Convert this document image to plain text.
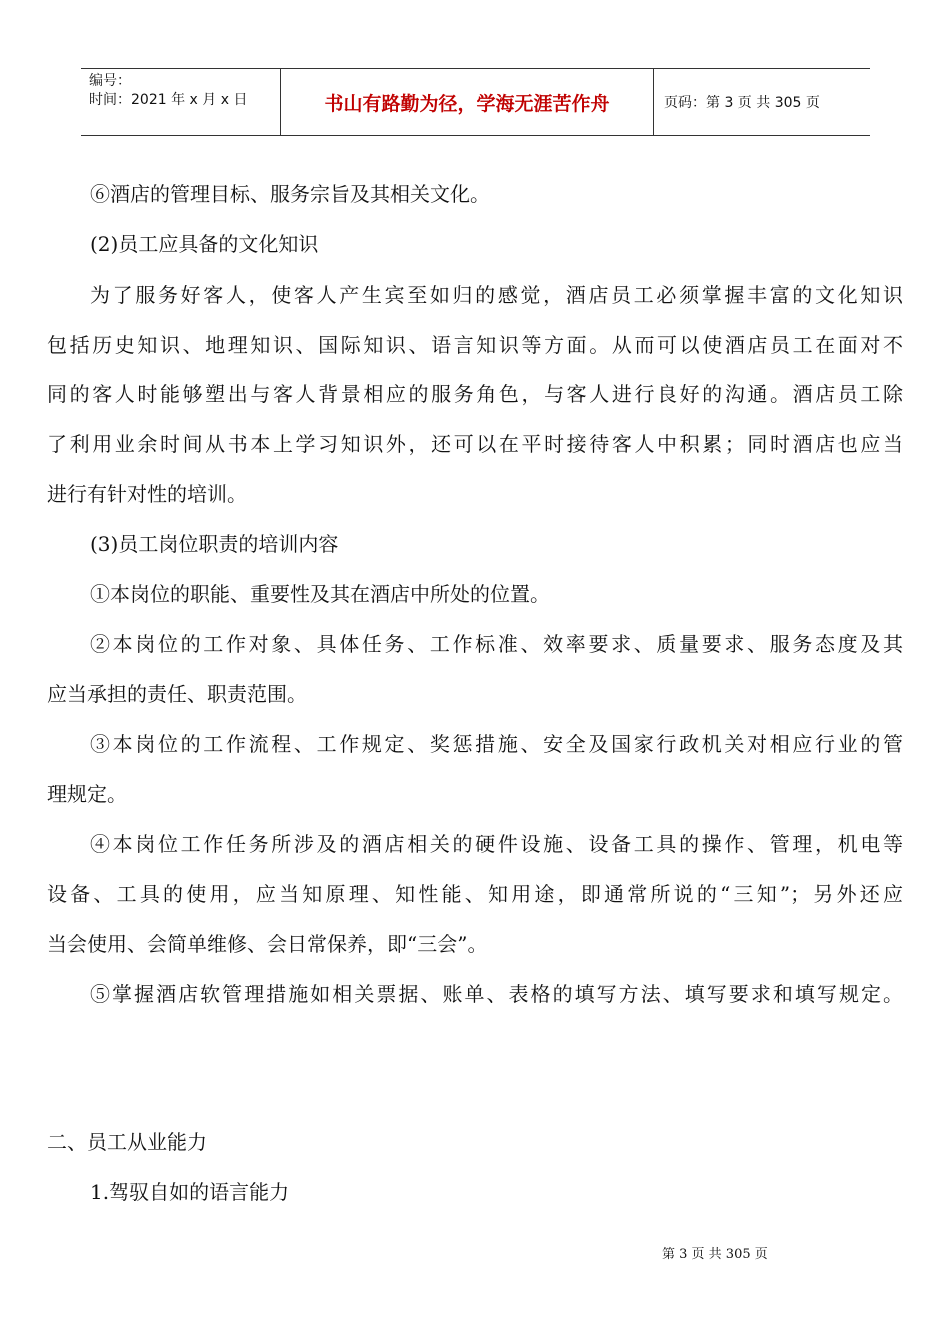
编号：
时间：2021 年 x 月 x 日	书山有路勤为径，学海无涯苦作舟	页码：第 3 页 共 305 页
⑥酒店的管理目标、服务宗旨及其相关文化。
(2)员工应具备的文化知识
为了服务好客人，使客人产生宾至如归的感觉，酒店员工必须掌握丰富的文化知识
包括历史知识、地理知识、国际知识、语言知识等方面。从而可以使酒店员工在面对不
同的客人时能够塑出与客人背景相应的服务角色，与客人进行良好的沟通。酒店员工除
了利用业余时间从书本上学习知识外，还可以在平时接待客人中积累；同时酒店也应当
进行有针对性的培训。
(3)员工岗位职责的培训内容
①本岗位的职能、重要性及其在酒店中所处的位置。
②本岗位的工作对象、具体任务、工作标准、效率要求、质量要求、服务态度及其
应当承担的责任、职责范围。
③本岗位的工作流程、工作规定、奖惩措施、安全及国家行政机关对相应行业的管
理规定。
④本岗位工作任务所涉及的酒店相关的硬件设施、设备工具的操作、管理，机电等
设备、工具的使用，应当知原理、知性能、知用途，即通常所说的“三知”；另外还应
当会使用、会简单维修、会日常保养，即“三会”。
⑤掌握酒店软管理措施如相关票据、账单、表格的填写方法、填写要求和填写规定。
二、员工从业能力
1.驾驭自如的语言能力
第 3 页 共 305 页
